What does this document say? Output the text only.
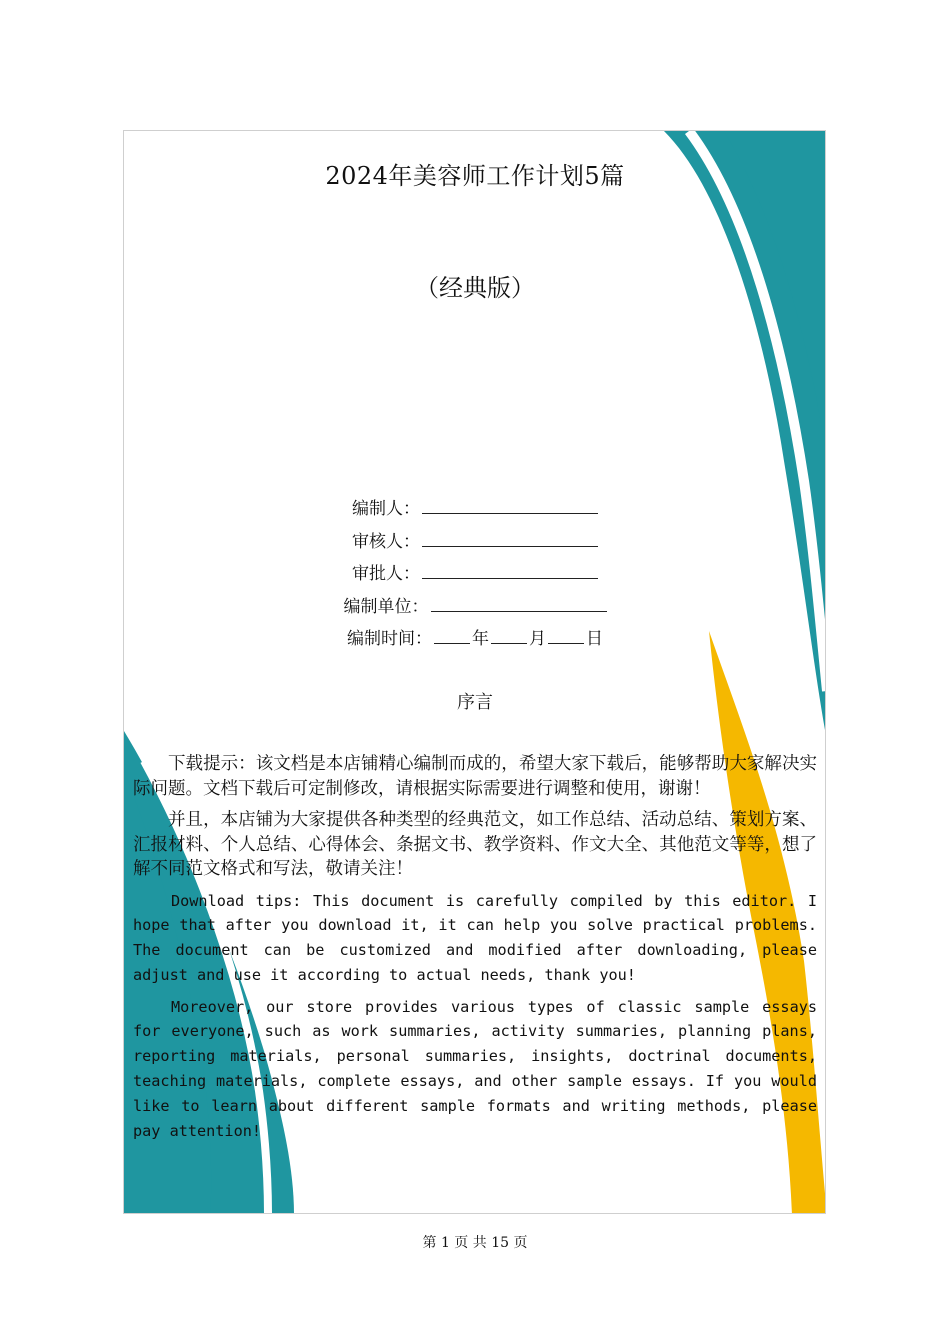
2024年美容师工作计划5篇
（经典版）
编制人：
审核人：
审批人：
编制单位：
编制时间： 年 月 日
序言

下载提示：该文档是本店铺精心编制而成的，希望大家下载后，能够帮助大家解决实际问题。文档下载后可定制修改，请根据实际需要进行调整和使用，谢谢！

并且，本店铺为大家提供各种类型的经典范文，如工作总结、活动总结、策划方案、汇报材料、个人总结、心得体会、条据文书、教学资料、作文大全、其他范文等等，想了解不同范文格式和写法，敬请关注！

Download tips: This document is carefully compiled by this editor. I hope that after you download it, it can help you solve practical problems. The document can be customized and modified after downloading, please adjust and use it according to actual needs, thank you!

Moreover, our store provides various types of classic sample essays for everyone, such as work summaries, activity summaries, planning plans, reporting materials, personal summaries, insights, doctrinal documents, teaching materials, complete essays, and other sample essays. If you would like to learn about different sample formats and writing methods, please pay attention!

第 1 页 共 15 页
